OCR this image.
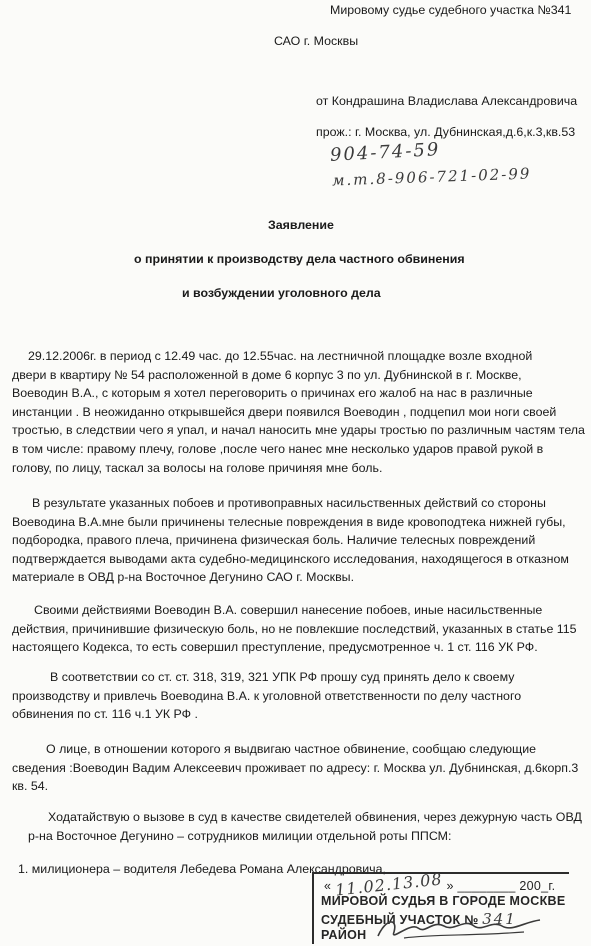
Мировому судье судебного участка №341
САО г. Москвы
от Кондрашина Владислава Александровича
прож.: г. Москва, ул. Дубнинская,д.6,к.3,кв.53
904-74-59
м.т.8-906-721-02-99
Заявление
о принятии к производству дела частного обвинения
и возбуждении уголовного дела
29.12.2006г. в период с 12.49 час. до 12.55час. на лестничной площадке возле входной
двери в квартиру № 54 расположенной в доме 6 корпус 3 по ул. Дубнинской в г. Москве,
Воеводин В.А., с которым я хотел переговорить о причинах его жалоб на нас в различные
инстанции . В неожиданно открывшейся двери появился Воеводин , подцепил мои ноги своей
тростью, в следствии чего я упал, и начал наносить мне удары тростью по различным частям тела
в том числе: правому плечу, голове ,после чего нанес мне несколько ударов правой рукой в
голову, по лицу, таскал за волосы на голове причиняя мне боль.
В результате указанных побоев и противоправных насильственных действий со стороны
Воеводина В.А.мне были причинены телесные повреждения в виде кровоподтека нижней губы,
подбородка, правого плеча, причинена физическая боль. Наличие телесных повреждений
подтверждается выводами акта судебно-медицинского исследования, находящегося в отказном
материале в ОВД р-на Восточное Дегунино САО г. Москвы.
Своими действиями Воеводин В.А. совершил нанесение побоев, иные насильственные
действия, причинившие физическую боль, но не повлекшие последствий, указанных в статье 115
настоящего Кодекса, то есть совершил преступление, предусмотренное ч. 1 ст. 116 УК РФ.
В соответствии со ст. ст. 318, 319, 321 УПК РФ прошу суд принять дело к своему
производству и привлечь Воеводина В.А. к уголовной ответственности по делу частного
обвинения по ст. 116 ч.1 УК РФ .
О лице, в отношении которого я выдвигаю частное обвинение, сообщаю следующие
сведения :Воеводин Вадим Алексеевич проживает по адресу: г. Москва ул. Дубнинская, д.6корп.3
кв. 54.
Ходатайствую о вызове в суд в качестве свидетелей обвинения, через дежурную часть ОВД
р-на Восточное Дегунино – сотрудников милиции отдельной роты ППСМ:
1. милиционера – водителя Лебедева Романа Александровича,
« 11.02.13.08 » ________ 200_г.
МИРОВОЙ СУДЬЯ В ГОРОДЕ МОСКВЕ
СУДЕБНЫЙ УЧАСТОК № 341
РАЙОН
